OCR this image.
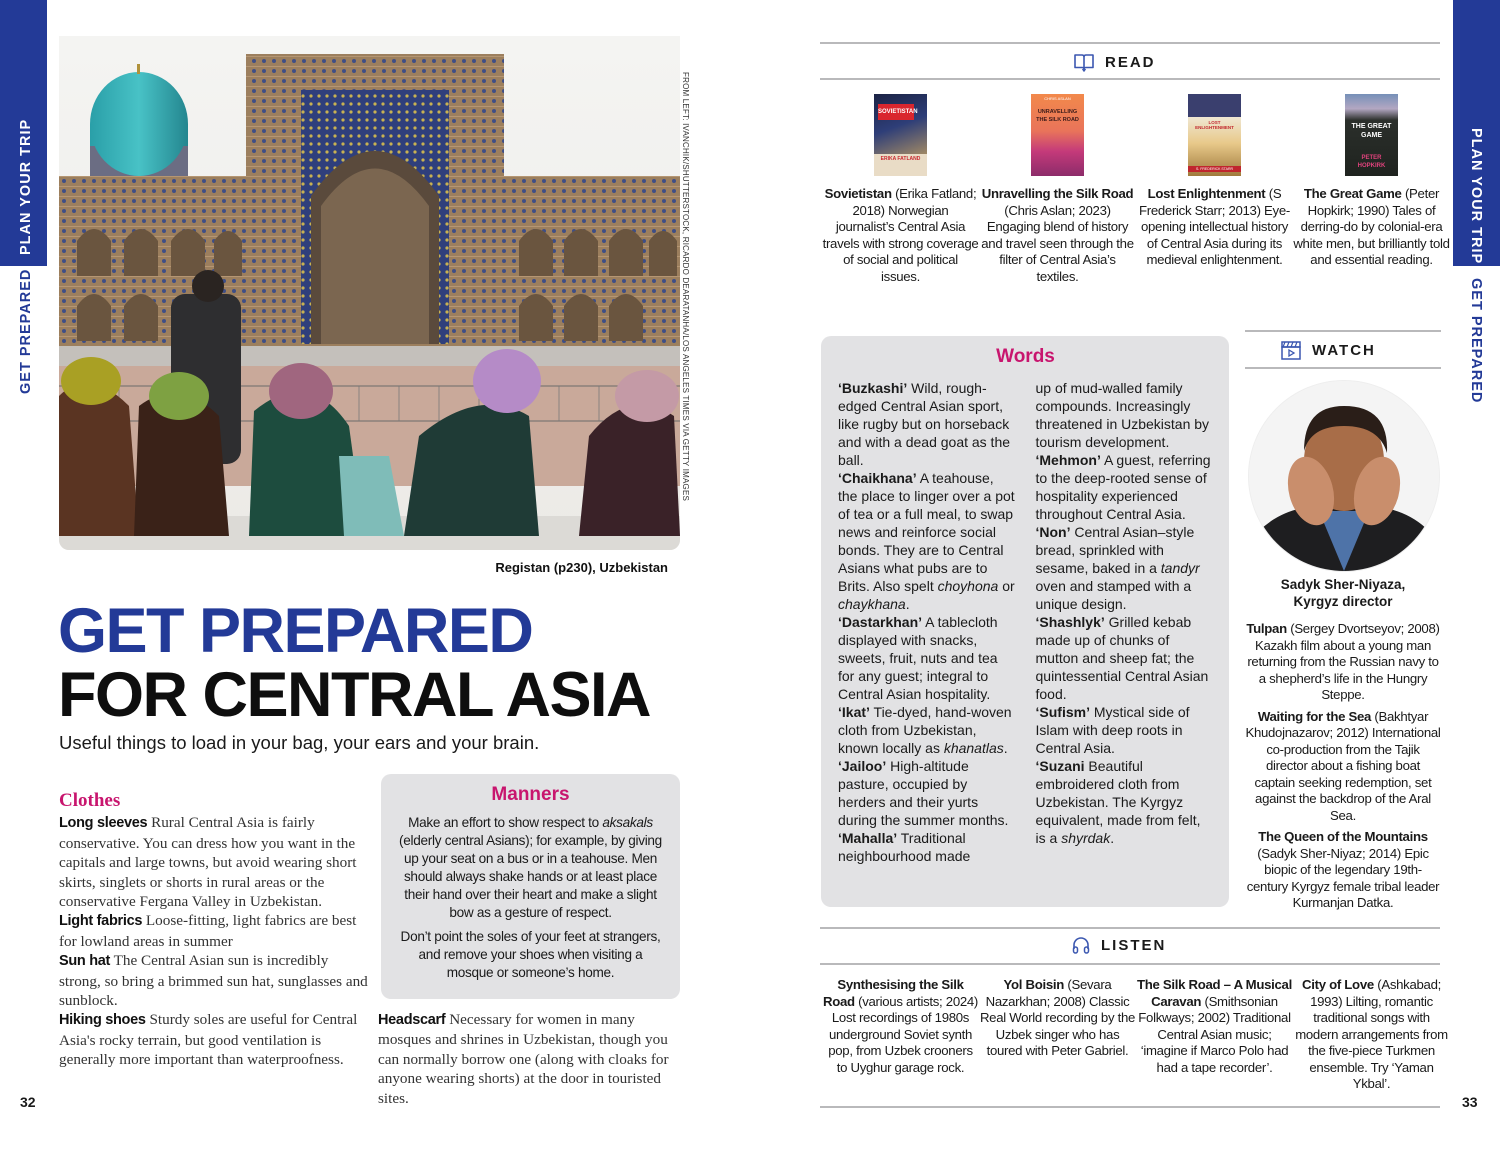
PLAN YOUR TRIP
GET PREPARED
PLAN YOUR TRIP
GET PREPARED
32	33
FROM LEFT: IVANCHIK/SHUTTERSTOCK, RICARDO DEARATANHA/LOS ANGELES TIMES VIA GETTY IMAGES
Registan (p230), Uzbekistan
GET PREPARED
FOR CENTRAL ASIA
Useful things to load in your bag, your ears and your brain.
Clothes
Long sleeves Rural Central Asia is fairly conservative. You can dress how you want in the capitals and large towns, but avoid wearing short skirts, singlets or shorts in rural areas or the conservative Fergana Valley in Uzbekistan.
Light fabrics Loose-fitting, light fabrics are best for lowland areas in summer
Sun hat The Central Asian sun is incredibly strong, so bring a brimmed sun hat, sunglasses and sunblock.
Hiking shoes Sturdy soles are useful for Central Asia's rocky terrain, but good ventilation is generally more important than waterproofness.
Manners

Make an effort to show respect to aksakals (elderly central Asians); for example, by giving up your seat on a bus or in a teahouse. Men should always shake hands or at least place their hand over their heart and make a slight bow as a gesture of respect.

Don’t point the soles of your feet at strangers, and remove your shoes when visiting a mosque or someone’s home.

Headscarf Necessary for women in many mosques and shrines in Uzbekistan, though you can normally borrow one (along with cloaks for anyone wearing shorts) at the door in touristed sites.
READ
SOVIETISTAN
ERIKA FATLAND
Sovietistan (Erika Fatland; 2018) Norwegian journalist’s Central Asia travels with strong coverage of social and political issues.
UNRAVELLING THE SILK ROAD
CHRIS ASLAN
Unravelling the Silk Road (Chris Aslan; 2023) Engaging blend of history and travel seen through the filter of Central Asia’s textiles.
LOST ENLIGHTENMENT
S. FREDERICK STARR
Lost Enlightenment (S Frederick Starr; 2013) Eye-opening intellectual history of Central Asia during its medieval enlightenment.
THE GREAT GAME
PETER HOPKIRK
The Great Game (Peter Hopkirk; 1990) Tales of derring-do by colonial-era white men, but brilliantly told and essential reading.
Words
‘Buzkashi’ Wild, rough-edged Central Asian sport, like rugby but on horseback and with a dead goat as the ball.
‘Chaikhana’ A teahouse, the place to linger over a pot of tea or a full meal, to swap news and reinforce social bonds. They are to Central Asians what pubs are to Brits. Also spelt choyhona or chaykhana.
‘Dastarkhan’ A tablecloth displayed with snacks, sweets, fruit, nuts and tea for any guest; integral to Central Asian hospitality.
‘Ikat’ Tie-dyed, hand-woven cloth from Uzbekistan, known locally as khanatlas.
‘Jailoo’ High-altitude pasture, occupied by herders and their yurts during the summer months.
‘Mahalla’ Traditional neighbourhood made
up of mud-walled family compounds. Increasingly threatened in Uzbekistan by tourism development.
‘Mehmon’ A guest, referring to the deep-rooted sense of hospitality experienced throughout Central Asia.
‘Non’ Central Asian–style bread, sprinkled with sesame, baked in a tandyr oven and stamped with a unique design.
‘Shashlyk’ Grilled kebab made up of chunks of mutton and sheep fat; the quintessential Central Asian food.
‘Sufism’ Mystical side of Islam with deep roots in Central Asia.
‘Suzani Beautiful embroidered cloth from Uzbekistan. The Kyrgyz equivalent, made from felt, is a shyrdak.
WATCH
Sadyk Sher-Niyaza,
Kyrgyz director
Tulpan (Sergey Dvortseyov; 2008) Kazakh film about a young man returning from the Russian navy to a shepherd’s life in the Hungry Steppe.
Waiting for the Sea (Bakhtyar Khudojnazarov; 2012) International co-production from the Tajik director about a fishing boat captain seeking redemption, set against the backdrop of the Aral Sea.
The Queen of the Mountains (Sadyk Sher-Niyaz; 2014) Epic biopic of the legendary 19th-century Kyrgyz female tribal leader Kurmanjan Datka.
LISTEN
Synthesising the Silk Road (various artists; 2024) Lost recordings of 1980s underground Soviet synth pop, from Uzbek crooners to Uyghur garage rock.
Yol Boisin (Sevara Nazarkhan; 2008) Classic Real World recording by the Uzbek singer who has toured with Peter Gabriel.
The Silk Road – A Musical Caravan (Smithsonian Folkways; 2002) Traditional Central Asian music; ‘imagine if Marco Polo had had a tape recorder’.
City of Love (Ashkabad; 1993) Lilting, romantic traditional songs with modern arrangements from the five-piece Turkmen ensemble. Try ‘Yaman Ykbal’.
